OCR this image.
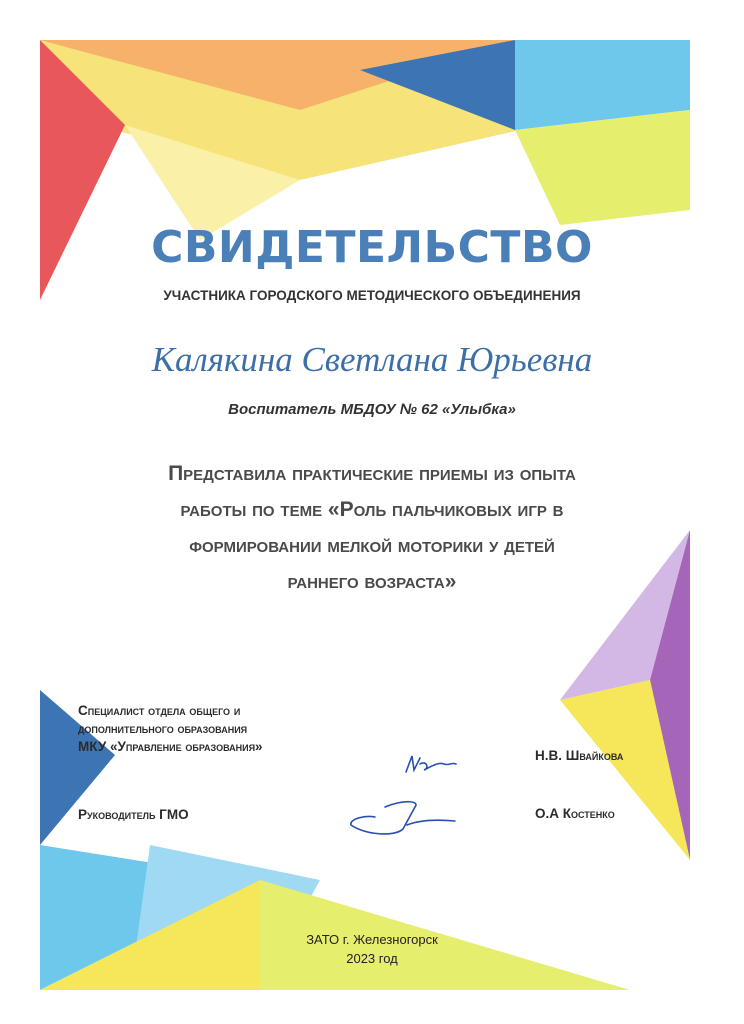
СВИДЕТЕЛЬСТВО
УЧАСТНИКА ГОРОДСКОГО МЕТОДИЧЕСКОГО ОБЪЕДИНЕНИЯ
Калякина Светлана Юрьевна
Воспитатель МБДОУ № 62 «Улыбка»
Представила практические приемы из опыта
работы по теме «Роль пальчиковых игр в
формировании мелкой моторики у детей
раннего возраста»
Специалист отдела общего и
дополнительного образования
МКУ «Управление образования»
Н.В. Швайкова
Руководитель ГМО	О.А Костенко
ЗАТО г. Железногорск
2023 год
